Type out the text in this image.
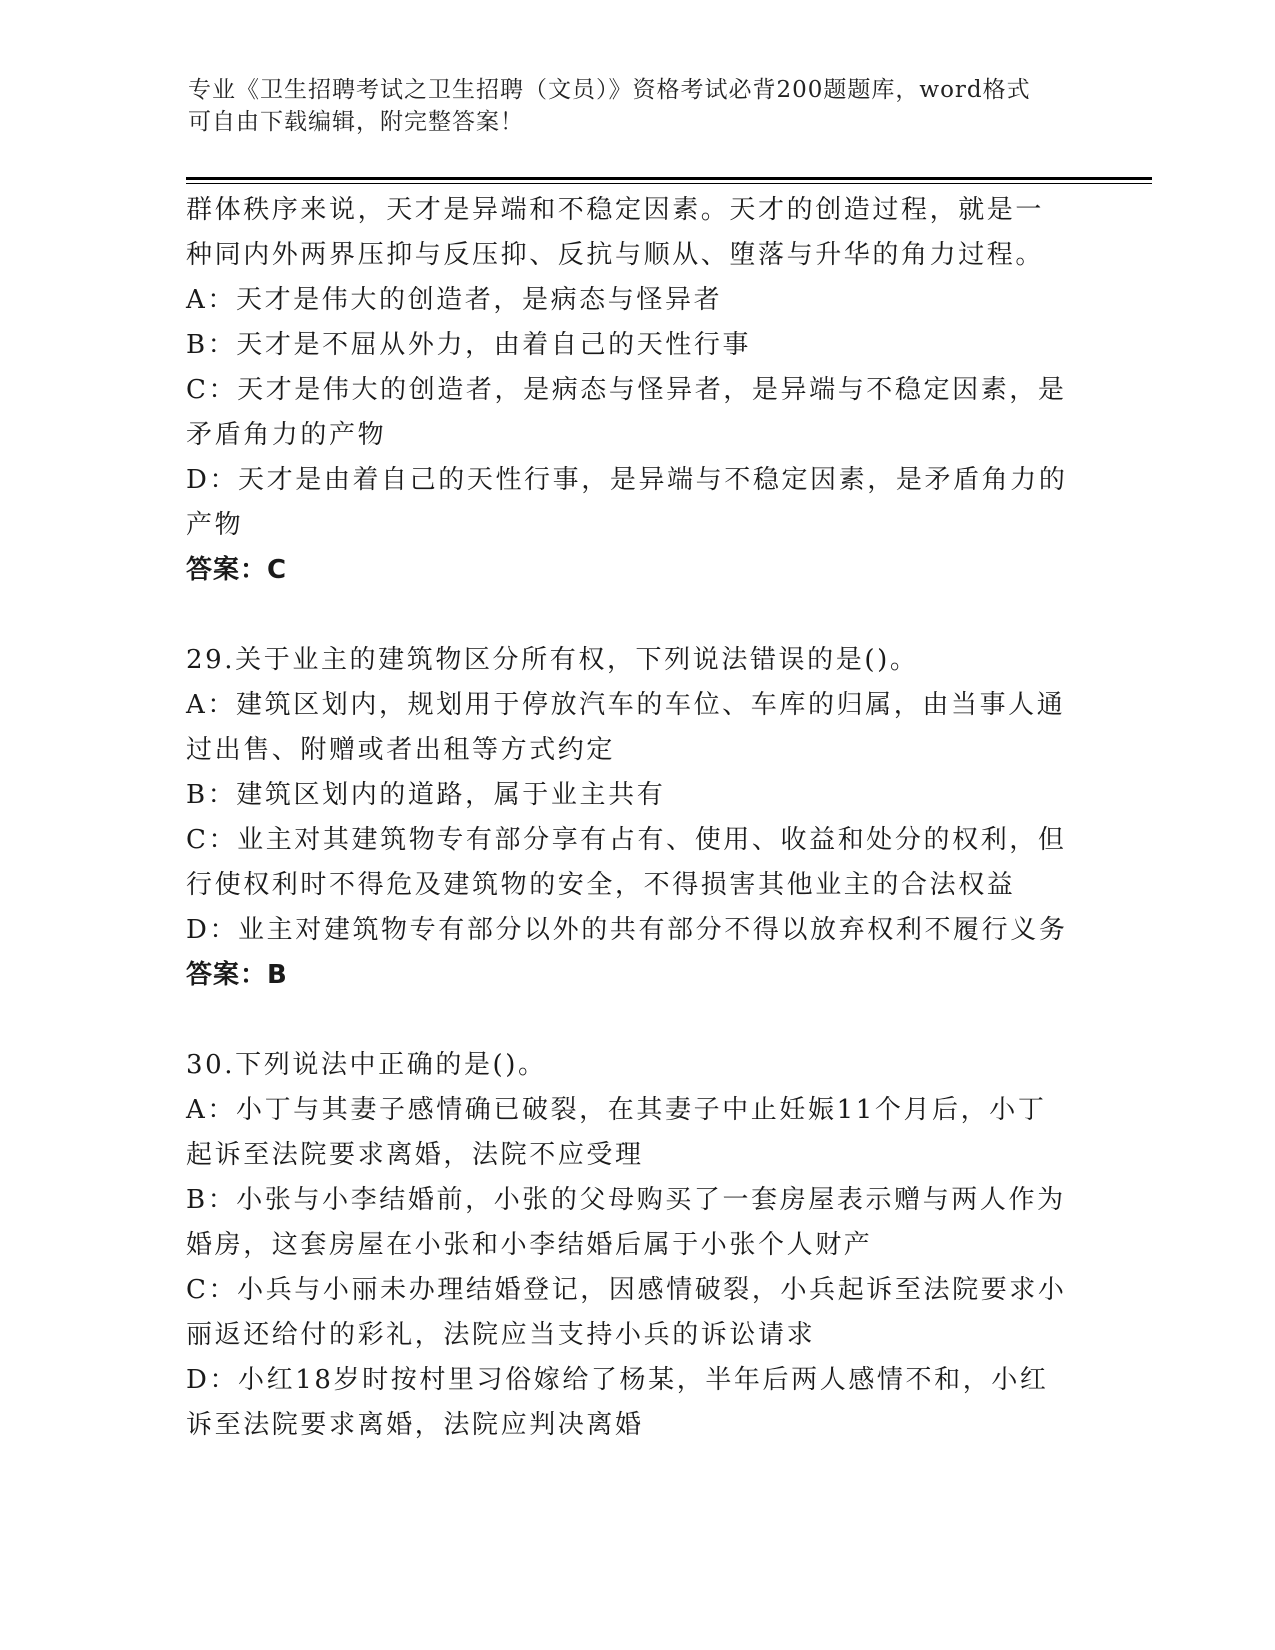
专业《卫生招聘考试之卫生招聘（文员）》资格考试必背200题题库，word格式
可自由下载编辑，附完整答案！
群体秩序来说，天才是异端和不稳定因素。天才的创造过程，就是一
种同内外两界压抑与反压抑、反抗与顺从、堕落与升华的角力过程。
A：天才是伟大的创造者，是病态与怪异者
B：天才是不屈从外力，由着自己的天性行事
C：天才是伟大的创造者，是病态与怪异者，是异端与不稳定因素，是
矛盾角力的产物
D：天才是由着自己的天性行事，是异端与不稳定因素，是矛盾角力的
产物
答案：C
29.关于业主的建筑物区分所有权，下列说法错误的是()。
A：建筑区划内，规划用于停放汽车的车位、车库的归属，由当事人通
过出售、附赠或者出租等方式约定
B：建筑区划内的道路，属于业主共有
C：业主对其建筑物专有部分享有占有、使用、收益和处分的权利，但
行使权利时不得危及建筑物的安全，不得损害其他业主的合法权益
D：业主对建筑物专有部分以外的共有部分不得以放弃权利不履行义务
答案：B
30.下列说法中正确的是()。
A：小丁与其妻子感情确已破裂，在其妻子中止妊娠11个月后，小丁
起诉至法院要求离婚，法院不应受理
B：小张与小李结婚前，小张的父母购买了一套房屋表示赠与两人作为
婚房，这套房屋在小张和小李结婚后属于小张个人财产
C：小兵与小丽未办理结婚登记，因感情破裂，小兵起诉至法院要求小
丽返还给付的彩礼，法院应当支持小兵的诉讼请求
D：小红18岁时按村里习俗嫁给了杨某，半年后两人感情不和，小红
诉至法院要求离婚，法院应判决离婚
